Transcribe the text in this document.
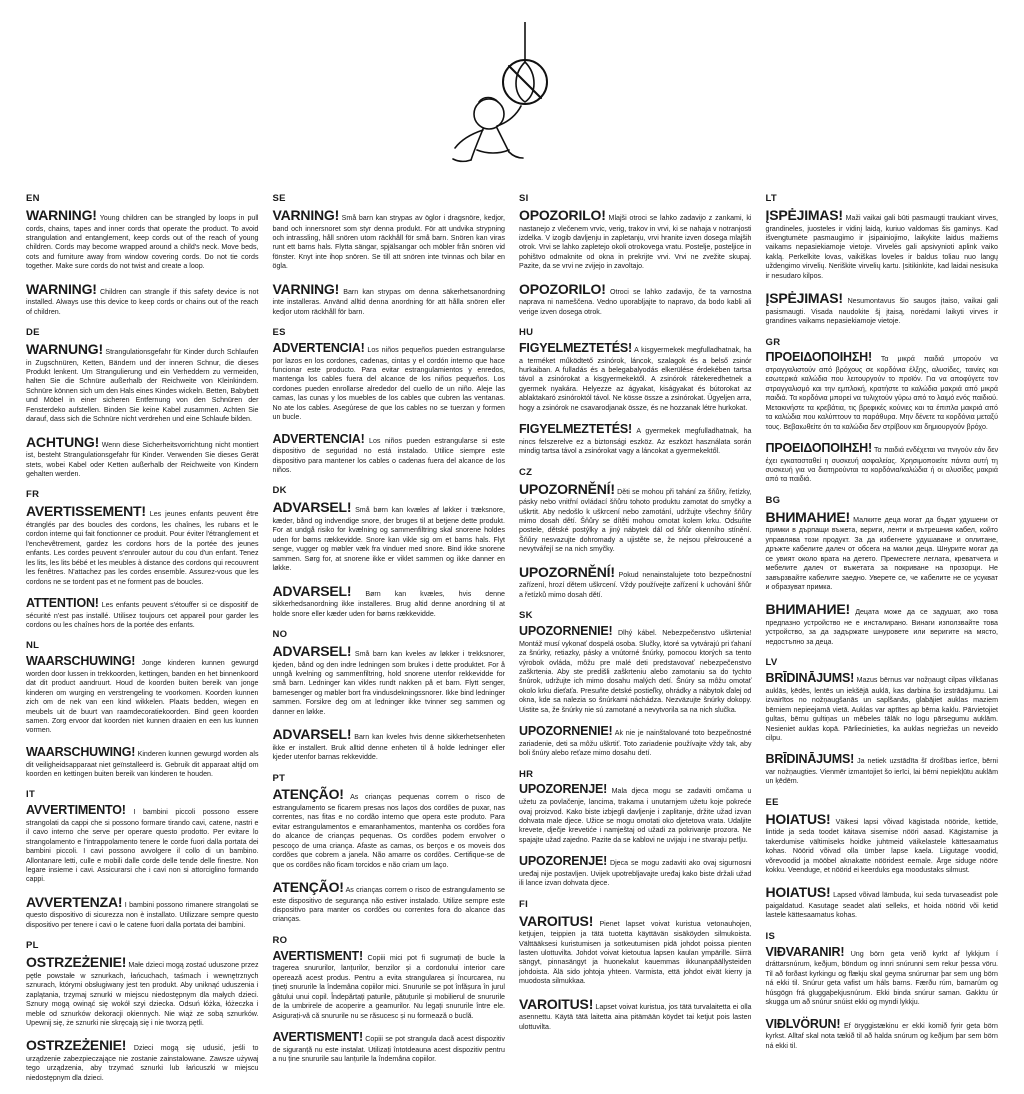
EN

WARNING! Young children can be strangled by loops in pull cords, chains, tapes and inner cords that operate the product. To avoid strangulation and entanglement, keep cords out of the reach of young children. Cords may become wrapped around a child's neck. Move beds, cots and furniture away from window covering cords. Do not tie cords together. Make sure cords do not twist and create a loop.

WARNING! Children can strangle if this safety device is not installed. Always use this device to keep cords or chains out of the reach of children.

DE

WARNUNG! Strangulationsgefahr für Kinder durch Schlaufen in Zugschnüren, Ketten, Bändern und der inneren Schnur, die dieses Produkt lenkent. Um Strangulierung und ein Verheddern zu vermeiden, halten Sie die Schnüre außerhalb der Reichweite von Kleinkindern. Schnüre können sich um den Hals eines Kindes wickeln. Betten, Babybett und Möbel in einer sicheren Entfernung von den Schnüren der Fensterdeko aufstellen. Binden Sie keine Kabel zusammen. Achten Sie darauf, dass sich die Schnüre nicht verdrehen und eine Schlaufe bilden.

ACHTUNG! Wenn diese Sicherheitsvorrichtung nicht montiert ist, besteht Strangulationsgefahr für Kinder. Verwenden Sie dieses Gerät stets, wobei Kabel oder Ketten außerhalb der Reichweite von Kindern gehalten werden.

FR

AVERTISSEMENT! Les jeunes enfants peuvent être étranglés par des boucles des cordons, les chaînes, les rubans et le cordon interne qui fait fonctionner ce produit. Pour éviter l'étranglement et l'enchevêtrement, gardez les cordons hors de la portée des jeunes enfants. Les cordes peuvent s'enrouler autour du cou d'un enfant. Tenez les lits, les lits bébé et les meubles à distance des cordons qui recouvrent les fenêtres. N'attachez pas les cordes ensemble. Assurez-vous que les cordons ne se tordent pas et ne forment pas de boucles.

ATTENTION! Les enfants peuvent s'étouffer si ce dispositif de sécurité n'est pas installé. Utilisez toujours cet appareil pour garder les cordons ou les chaînes hors de la portée des enfants.

NL

WAARSCHUWING! Jonge kinderen kunnen gewurgd worden door lussen in trekkoorden, kettingen, banden en het binnenkoord dat dit product aandruurt. Houd de koorden buiten bereik van jonge kinderen om wurging en verstrengeling te voorkomen. Koorden kunnen zich om de nek van een kind wikkelen. Plaats bedden, wiegen en meubels uit de buurt van raamdecoratiekoorden. Bind geen koorden samen. Zorg ervoor dat koorden niet kunnen draaien en een lus kunnen vormen.

WAARSCHUWING! Kinderen kunnen gewurgd worden als dit veiligheidsapparaat niet geïnstalleerd is. Gebruik dit apparaat altijd om koorden en kettingen buiten bereik van kinderen te houden.

IT

AVVERTIMENTO! I bambini piccoli possono essere strangolati da cappi che si possono formare tirando cavi, catene, nastri e il cavo interno che serve per operare questo prodotto. Per evitare lo strangolamento e l'intrappolamento tenere le corde fuori dalla portata dei bambini piccoli. I cavi possono avvolgere il collo di un bambino. Allontanare letti, culle e mobili dalle corde delle tende delle finestre. Non legare insieme i cavi. Assicurarsi che i cavi non si attorciglino formando cappi.

AVVERTENZA! I bambini possono rimanere strangolati se questo dispositivo di sicurezza non è installato. Utilizzare sempre questo dispositivo per tenere i cavi o le catene fuori dalla portata dei bambini.

PL

OSTRZEŻENIE! Małe dzieci mogą zostać uduszone przez pętle powstałe w sznurkach, łańcuchach, taśmach i wewnętrznych sznurach, którymi obsługiwany jest ten produkt. Aby uniknąć uduszenia i zaplątania, trzymaj sznurki w miejscu niedostępnym dla małych dzieci. Sznury mogą owinąć się wokół szyi dziecka. Odsuń łóżka, łóżeczka i meble od sznurków dekoracji okiennych. Nie wiąż ze sobą sznurków. Upewnij się, że sznurki nie skręcają się i nie tworzą pętli.

OSTRZEŻENIE! Dzieci mogą się udusić, jeśli to urządzenie zabezpieczające nie zostanie zainstalowane. Zawsze używaj tego urządzenia, aby trzymać sznurki lub łańcuszki w miejscu niedostępnym dla dzieci.

SE

VARNING! Små barn kan strypas av öglor i dragsnöre, kedjor, band och innersnoret som styr denna produkt. För att undvika strypning och intrassling, håll snören utom räckhåll för små barn. Snören kan viras runt ett barns hals. Flytta sängar, spjälsangar och möbler från snören vid fönster. Knyt inte ihop snören. Se till att snören inte tvinnas och bilar en ögla.

VARNING! Barn kan strypas om denna säkerhetsanordning inte installeras. Använd alltid denna anordning för att hålla snören eller kedjor utom räckhåll för barn.

ES

ADVERTENCIA! Los niños pequeños pueden estrangularse por lazos en los cordones, cadenas, cintas y el cordón interno que hace funcionar este producto. Para evitar estrangulamientos y enredos, mantenga los cables fuera del alcance de los niños pequeños. Los cordones pueden enrollarse alrededor del cuello de un niño. Aleje las camas, las cunas y los muebles de los cables que cubren las ventanas. No ate los cables. Asegúrese de que los cables no se tuerzan y formen un bucle.

ADVERTENCIA! Los niños pueden estrangularse si este dispositivo de seguridad no está instalado. Utilice siempre este dispositivo para mantener los cables o cadenas fuera del alcance de los niños.

DK

ADVARSEL! Små børn kan kvæles af løkker i træksnore, kæder, bånd og indvendige snore, der bruges til at betjene dette produkt. For at undgå risiko for kvælning og sammenfiltring skal snorene holdes uden for børns rækkevidde. Snore kan vikle sig om et barns hals. Flyt senge, vugger og møbler væk fra vinduer med snore. Bind ikke snorene sammen. Sørg for, at snorene ikke er viklet sammen og ikke danner en løkke.

ADVARSEL! Børn kan kvæles, hvis denne sikkerhedsanordning ikke installeres. Brug altid denne anordning til at holde snore eller kæder uden for børns rækkevidde.

NO

ADVARSEL! Små barn kan kveles av løkker i trekksnorer, kjeden, bånd og den indre ledningen som brukes i dette produktet. For å unngå kvelning og sammenfiltring, hold snorene utenfor rekkevidde for små barn. Ledninger kan vikles rundt nakken på et barn. Flytt senger, barnesenger og møbler bort fra vindusdekningssnorer. Ikke bind ledninger sammen. Forsikre deg om at ledninger ikke tvinner seg sammen og danner en løkke.

ADVARSEL! Barn kan kveles hvis denne sikkerhetsenheten ikke er installert. Bruk alltid denne enheten til å holde ledninger eller kjeder utenfor barnas rekkevidde.

PT

ATENÇÃO! As crianças pequenas correm o risco de estrangulamento se ficarem presas nos laços dos cordões de puxar, nas correntes, nas fitas e no cordão interno que opera este produto. Para evitar estrangulamentos e emaranhamentos, mantenha os cordões fora do alcance de crianças pequenas. Os cordões podem envolver o pescoço de uma criança. Afaste as camas, os berços e os moveis dos cordões que cobrem a janela. Não amarre os cordões. Certifique-se de que os cordões não ficam torcidos e não criam um laço.

ATENÇÃO! As crianças correm o risco de estrangulamento se este dispositivo de segurança não estiver instalado. Utilize sempre este dispositivo para manter os cordões ou correntes fora do alcance das crianças.

RO

AVERTISMENT! Copiii mici pot fi sugrumați de bucle la tragerea snururilor, lanțurilor, benzilor și a cordonului interior care operează acest produs. Pentru a evita strangularea și încurcarea, nu țineți snururile la îndemâna copiilor mici. Snururile se pot înfășura în jurul gâtului unui copil. Îndepărtați paturile, pătuțurile și mobilierul de snururile de la umbrirele de acoperire a geamurilor. Nu legați snururile între ele. Asigurați-vă că snururile nu se răsucesc și nu formează o buclă.

AVERTISMENT! Copiii se pot strangula dacă acest dispozitiv de siguranță nu este instalat. Utilizați întotdeauna acest dispozitiv pentru a nu ține snururile sau lanțurile la îndemâna copiilor.

SI

OPOZORILO! Mlajši otroci se lahko zadavijo z zankami, ki nastanejo z vlečenem vrvic, verig, trakov in vrvi, ki se nahaja v notranjosti izdelka. V izogib davljenju in zapletanju, vrvi hranite izven dosega mlajših otrok. Vrvi se lahko zapletejo okoli otrokovega vratu. Postelje, posteljice in pohištvo odmaknite od okna in prekrijte vrvi. Vrvi ne zvežite skupaj. Pazite, da se vrvi ne zvijejo in zavoltajo.

OPOZORILO! Otroci se lahko zadavijo, če ta varnostna naprava ni nameščena. Vedno uporabljajte to napravo, da bodo kabli ali verige izven dosega otrok.

HU

FIGYELMEZTETÉS! A kisgyermekek megfulladhatnak, ha a terméket működtető zsinórok, láncok, szalagok és a belső zsinór hurkaiban. A fulladás és a belegabalyodás elkerülése érdekében tartsa távol a zsinórokat a kisgyermekektől. A zsinórok rátekeredhetnek a gyermek nyakára. Helyezze az ágyakat, kiságyakat és bútorokat az ablaktakaró zsinóroktól távol. Ne kösse össze a zsinórokat. Ügyeljen arra, hogy a zsinórok ne csavarodjanak össze, és ne hozzanak létre hurkokat.

FIGYELMEZTETÉS! A gyermekek megfulladhatnak, ha nincs felszerelve ez a biztonsági eszköz. Az eszközt használata során mindig tartsa távol a zsinórokat vagy a láncokat a gyermekektől.

CZ

UPOZORNĚNÍ! Děti se mohou při tahání za šňůry, řetízky, pásky nebo vnitřní ovládací šňůru tohoto produktu zamotat do smyčky a uškrtit. Aby nedošlo k uškrcení nebo zamotání, udržujte všechny šňůry mimo dosah dětí. Šňůry se dítěti mohou omotat kolem krku. Odsuňte postele, dětské postýlky a jiný nábytek dál od šňůr okenního stínění. Šňůry nesvazujte dohromady a ujistěte se, že nejsou překroucené a nevytvářejí se na nich smyčky.

UPOZORNĚNÍ! Pokud nenainstalujete toto bezpečnostní zařízení, hrozí dětem uškrcení. Vždy používejte zařízení k uchování šňůr a řetízků mimo dosah dětí.

SK

UPOZORNENIE! Dlhý kábel. Nebezpečenstvo uškrtenia! Montáž musí vykonať dospelá osoba. Slučky, ktoré sa vytvárajú pri ťahaní za šnúrky, retiazky, pásky a vnútorné šnúrky, pomocou ktorých sa tento výrobok ovláda, môžu pre malé deti predstavovať nebezpečenstvo zaškrtenia. Aby ste predišli zaškrteniu alebo zamotaniu sa do tychto šnúrok, udržujte ich mimo dosahu malých detí. Šnúry sa môžu omotať okolo krku dieťaťa. Presuňte detské postieľky, ohrádky a nábytok ďalej od okna, kde sa nalezia so šnúrkami náchádza. Nezväzujte šnúrky dokopy. Uistite sa, že šnúrky nie sú zamotané a nevytvorila sa na nich slučka.

UPOZORNENIE! Ak nie je nainštalované toto bezpečnostné zariadenie, deti sa môžu uškrtiť. Toto zariadenie používajte vždy tak, aby boli šnúry alebo reťaze mimo dosahu detí.

HR

UPOZORENJE! Mala djeca mogu se zadaviti omčama u užetu za povlačenje, lancima, trakama i unutarnjem užetu koje pokreće ovaj proizvod. Kako biste izbjegli davljenje i zaplitanje, držite užad izvan dohvata male djece. Užice se mogu omotati oko djetetova vrata. Udaljite krevete, dječje krevetiće i namještaj od užadi za pokrivanje prozora. Ne spajajte užad zajedno. Pazite da se kablovi ne uvijaju i ne stvaraju petlju.

UPOZORENJE! Djeca se mogu zadaviti ako ovaj sigurnosni uređaj nije postavljen. Uvijek upotrebljavajte uređaj kako biste držali užad ili lance izvan dohvata djece.

FI

VAROITUS! Pienet lapset voivat kuristua vetonauhojen, ketjujen, teippien ja tätä tuotetta käyttävän sisäköyden silmukoista. Välttääksesi kuristumisen ja sotkeutumisen pidä johdot poissa pienten lasten ulottuvilta. Johdot voivat kietoutua lapsen kaulan ympärille. Siirrä sängyt, pinnasängyt ja huonekalut kauemmas ikkunanpäällysteiden johdoista. Älä sido johtoja yhteen. Varmista, että johdot eivät kierry ja muodosta silmukkaa.

VAROITUS! Lapset voivat kuristua, jos tätä turvalaitetta ei olla asennettu. Käytä tätä laitetta aina pitämään köydet tai ketjut pois lasten ulottuvilta.

LT

ĮSPĖJIMAS! Maži vaikai gali būti pasmaugti traukiant virves, grandineles, juosteles ir vidinį laidą, kuriuo valdomas šis gaminys. Kad išvengtumėte pasmaugimo ir įsipainiojimo, laikykite laidus mažiems vaikams nepasiekiamoje vietoje. Virvelės gali apsivynioti aplink vaiko kaklą. Perkelkite lovas, vaikiškas loveles ir baldus toliau nuo langų uždengimo virvelių. Neriškite virvelių kartu. Įsitikinkite, kad laidai nesisuka ir nesudaro kilpos.

ĮSPĖJIMAS! Nesumontavus šio saugos įtaiso, vaikai gali pasismaugti. Visada naudokite šį įtaisą, norėdami laikyti virves ir grandines vaikams nepasiekiamoje vietoje.

GR

ΠΡΟΕΙΔΟΠΟΙΗΣΗ! Τα μικρά παιδιά μπορούν να στραγγαλιστούν από βρόχους σε κορδόνια έλξης, αλυσίδες, ταινίες και εσωτερικά καλώδια που λειτουργούν το προϊόν. Για να αποφύγετε τον στραγγαλισμό και την εμπλοκή, κρατήστε τα καλώδια μακριά από μικρά παιδιά. Τα κορδόνια μπορεί να τυλιχτούν γύρω από το λαιμό ενός παιδιού. Μετακινήστε τα κρεβάτια, τις βρεφικές κούνιες και τα έπιπλα μακριά από τα καλώδια που καλύπτουν τα παράθυρα. Μην δένετε τα κορδόνια μεταξύ τους. Βεβαιωθείτε ότι τα καλώδια δεν στρίβουν και δημιουργούν βρόχο.

ΠΡΟΕΙΔΟΠΟΙΗΣΗ! Τα παιδιά ενδέχεται να πνιγούν εάν δεν έχει εγκατασταθεί η συσκευή ασφαλείας. Χρησιμοποιείτε πάντα αυτή τη συσκευή για να διατηρούνται τα κορδόνια/καλώδια ή οι αλυσίδες μακριά από τα παιδιά.

BG

ВНИМАНИЕ! Малките деца могат да бъдат удушени от примки в дърпащи въжета, вериги, ленти и вътрешния кабел, който управлява този продукт. За да избегнете удушаване и оплитане, дръжте кабелите далеч от обсега на малки деца. Шнурите могат да се увият около врата на детето. Преместете леглата, креватчета и мебелите далеч от въжетата за покриване на прозорци. Не завързвайте кабелите заедно. Уверете се, че кабелите не се усукват и образуват примка.

ВНИМАНИЕ! Децата може да се задушат, ако това предпазно устройство не е инсталирано. Винаги използвайте това устройство, за да задържате шнуровете или веригите на място, недостъпно за деца.

LV

BRĪDINĀJUMS! Mazus bērnus var nožņaugt cilpas vilkšanas auklās, ķēdēs, lentēs un iekšējā auklā, kas darbina šo izstrādājumu. Lai izvairītos no nožņaugšanās un saplšanās, glabājiet auklas maziem bērniem nepieejamā vietā. Auklas var aptītes ap bērna kaklu. Pārvietojiet gultas, bērnu gultiņas un mēbeles tālāk no logu pārsegumu auklām. Nesieniet auklas kopā. Pārliecinieties, ka auklas negriežas un neveido cilpu.

BRĪDINĀJUMS! Ja netiek uzstādīta šī drošības ierīce, bērni var nožņaugties. Vienmēr izmantojiet šo ierīci, lai bērni nepiekļūtu auklām un ķēdēm.

EE

HOIATUS! Väikesi lapsi võivad kägistada nööride, kettide, lintide ja seda toodet käitava sisemise nööri aasad. Kägistamise ja takerdumise vältimiseks hoidke juhtmeid väikelastele kättesaamatus kohas. Nöörid võivad olla ümber lapse kaela. Liigutage voodid, võrevoodid ja mööbel aknakatte nööridest eemale. Ärge siduge nööre kokku. Veenduge, et nöörid ei keerduks ega moodustaks silmust.

HOIATUS! Lapsed võivad lämbuda, kui seda turvaseadist pole paigaldatud. Kasutage seadet alati selleks, et hoida nöörid või ketid lastele kättesaamatus kohas.

IS

VIÐVARANIR! Ung börn geta verið kyrkt af lykkjum í dráttarsnúrum, keðjum, böndum og innri snúrunni sem rekur þessa vöru. Til að forðast kyrkingu og flækju skal geyma snúrurnar þar sem ung börn ná ekki til. Snúrur geta vafist um háls barns. Færðu rúm, barnarúm og húsgögn frá gluggaþekjusnúrum. Ekki binda snúrur saman. Gakktu úr skugga um að snúrur snúist ekki og myndi lykkju.

VIÐLVÖRUN! Ef öryggistækinu er ekki komið fyrir geta börn kyrkst. Alltaf skal nota tækið til að halda snúrum og keðjum þar sem börn ná ekki til.
